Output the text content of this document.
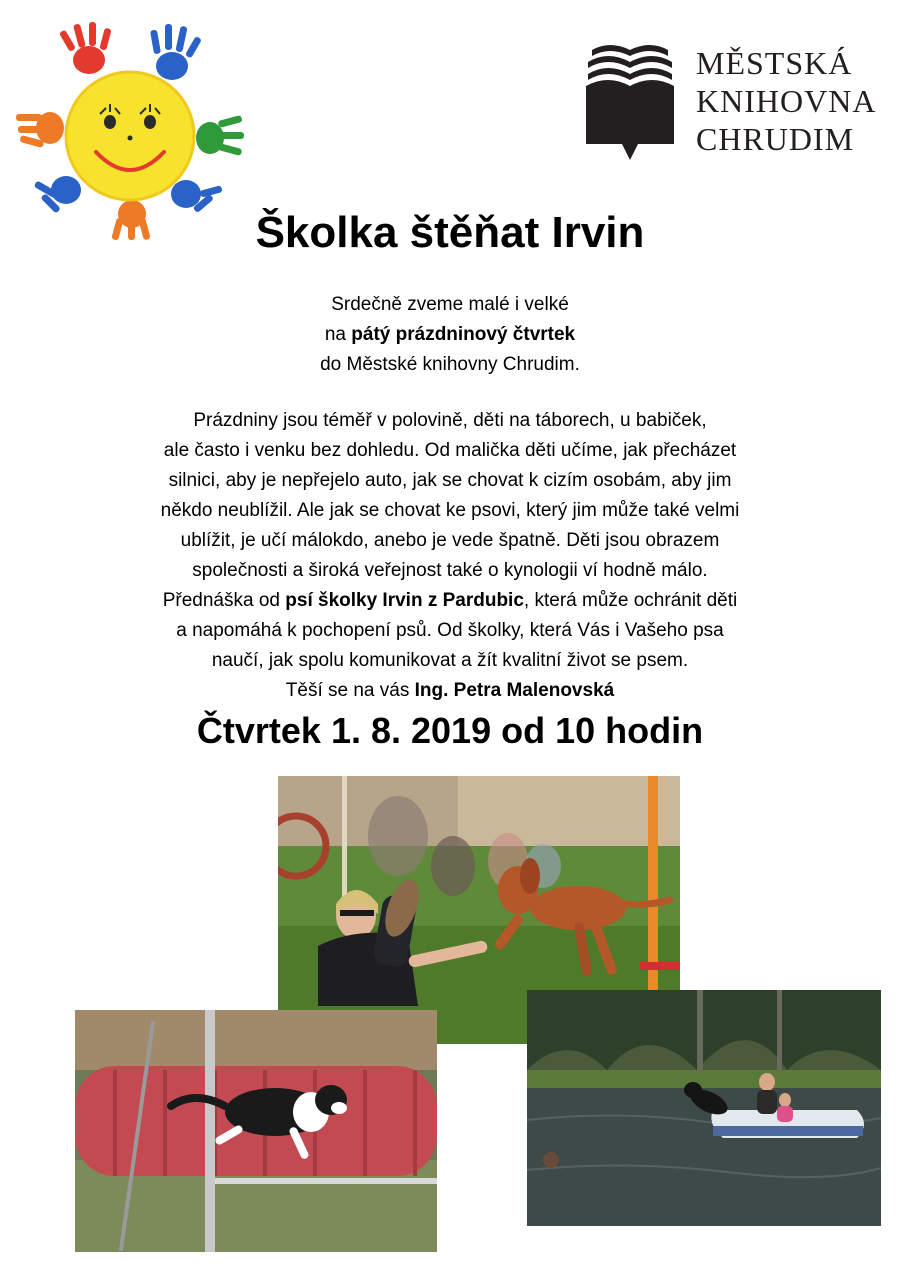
MĚSTSKÁ
KNIHOVNA
CHRUDIM
Školka štěňat Irvin
Srdečně zveme malé i velké
na pátý prázdninový čtvrtek
do Městské knihovny Chrudim.
Prázdniny jsou téměř v polovině, děti na táborech, u babiček,
ale často i venku bez dohledu. Od malička děti učíme, jak přecházet
silnici, aby je nepřejelo auto, jak se chovat k cizím osobám, aby jim
někdo neublížil. Ale jak se chovat ke psovi, který jim může také velmi
ublížit, je učí málokdo, anebo je vede špatně. Děti jsou obrazem
společnosti a široká veřejnost také o kynologii ví hodně málo.
Přednáška od psí školky Irvin z Pardubic, která může ochránit děti
a napomáhá k pochopení psů. Od školky, která Vás i Vašeho psa
naučí, jak spolu komunikovat a žít kvalitní život se psem.
Těší se na vás Ing. Petra Malenovská
Čtvrtek 1. 8. 2019 od 10 hodin
